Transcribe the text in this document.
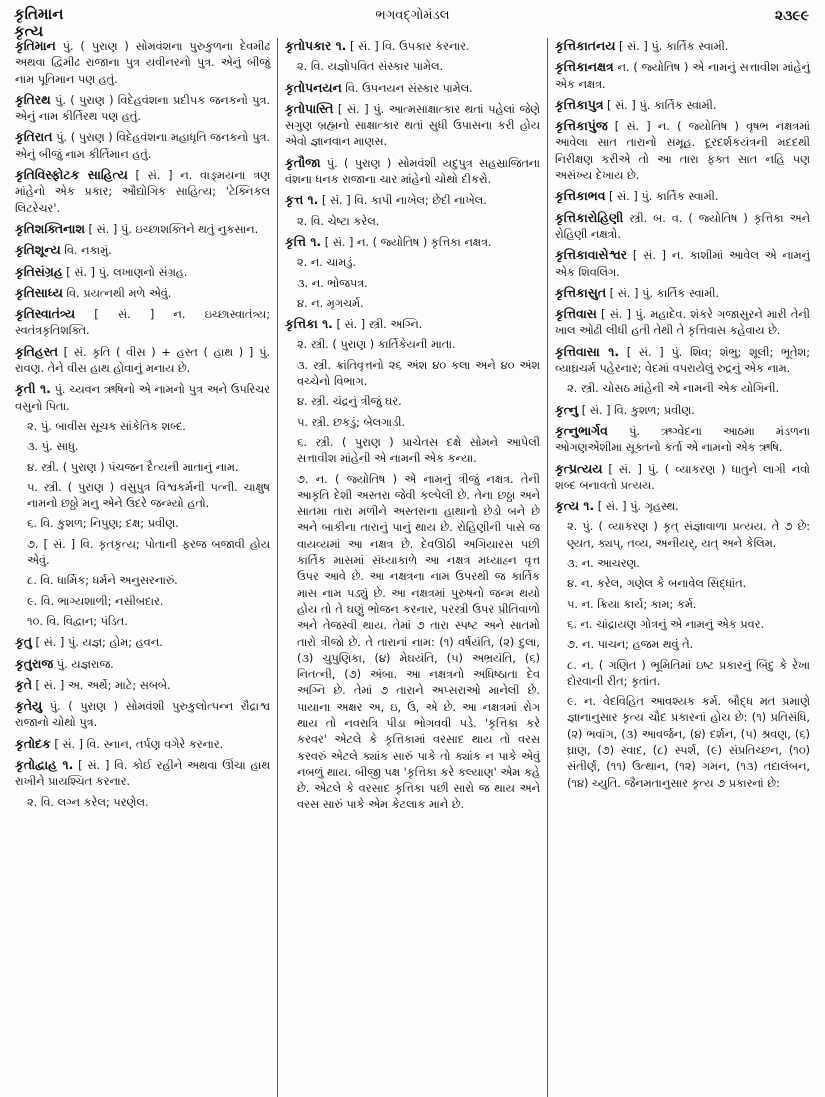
કૃતિમાન
કૃત્ય
ભગવદ્ગોમંડલ	૨૩૯૯
કૃતિમાન પું. ( પુરાણ ) સોમવંશના પુરુકુળના દેવમીઢ અથવા દ્વિમીઢ રાજાના પુત્ર યવીનરનો પુત્ર. એનું બીજું નામ પૂતિમાન પણ હતું.
કૃતિરથ પું. ( પુરાણ ) વિદેહવંશના પ્રદીપક જનકનો પુત્ર. એનું નામ કીર્તિરથ પણ હતું.
કૃતિરાત પું. ( પુરાણ ) વિદેહવંશના મહાધૃતિ જનકનો પુત્ર. એનું બીજું નામ કીર્તિમાન હતું.
કૃતિવિસ્ફોટક સાહિત્ય [ સં. ] ન. વાઙ્મયના ત્રણ માંહેનો એક પ્રકાર; ઔદ્યોગિક સાહિત્ય; 'ટેક્નિકલ લિટરેચર'.
કૃતિશક્તિનાશ [ સં. ] પું. ઇચ્છાશક્તિને થતું નુકસાન.
કૃતિશૂન્ય વિ. નકામું.
કૃતિસંગ્રહ [ સં. ] પું. લખાણનો સંગ્રહ.
કૃતિસાધ્ય વિ. પ્રયત્નથી મળે એવું.
કૃતિસ્વાતંત્ર્ય [ સં. ] ન. ઇચ્છાસ્વાતંત્ર્ય; સ્વતંત્રકૃતિશક્તિ.
કૃતિહસ્ત [ સં. કૃતિ ( વીસ ) + હસ્ત ( હાથ ) ] પું. રાવણ. તેને વીસ હાથ હોવાનું મનાય છે.
કૃતી ૧. પું. ચ્યવન ઋષિનો એ નામનો પુત્ર અને ઉપરિચર વસુનો પિતા.
૨. પું. બાવીસ સૂચક સાંકેતિક શબ્દ.
૩. પું. સાધુ.
૪. સ્ત્રી. ( પુરાણ ) પંચજન દૈત્યની માતાનું નામ.
૫. સ્ત્રી. ( પુરાણ ) વસુપુત્ર વિશ્વકર્મની પત્ની. ચાક્ષુષ નામનો છઠ્ઠો મનુ એને ઉદરે જન્મ્યો હતો.
૬. વિ. કુશળ; નિપુણ; દક્ષ; પ્રવીણ.
૭. [ સં. ] વિ. કૃતકૃત્ય; પોતાની ફરજ બજાવી હોય એવું.
૮. વિ. ધાર્મિક; ધર્મને અનુસરનારું.
૯. વિ. ભાગ્યશાળી; નસીબદાર.
૧૦. વિ. વિદ્વાન; પંડિત.
કૃતુ [ સં. ] પું. યજ્ઞ; હોમ; હવન.
કૃતુરાજ પું. યજ્ઞરાજ.
કૃતે [ સં. ] અ. અર્થે; માટે; સબબે.
કૃતેયુ પું. ( પુરાણ ) સોમવંશી પુરુકુલોત્પન્ન રૌદ્રાશ્વ રાજાનો ચોથો પુત્ર.
કૃતોદક [ સં. ] વિ. સ્નાન, તર્પણ વગેરે કરનાર.
કૃતોદ્વાહ ૧. [ સં. ] વિ. કોઈ રહીને અથવા ઊંચા હાથ રાખીને પ્રાયશ્ચિત કરનાર.
૨. વિ. લગ્ન કરેલ; પરણેલ.
કૃતોપકાર ૧. [ સં. ] વિ. ઉપકાર કરનાર.
૨. વિ. યજ્ઞોપવિત સંસ્કાર પામેલ.
કૃતોપનયન વિ. ઉપનયન સંસ્કાર પામેલ.
કૃતોપાસ્તિ [ સં. ] પું. આત્મસાક્ષાત્કાર થતાં પહેલાં જેણે સગુણ બ્રહ્મનો સાક્ષાત્કાર થતાં સુધી ઉપાસના કરી હોય એવો જ્ઞાનવાન માણસ.
કૃતૌજા પું. ( પુરાણ ) સોમવંશી યદુપુત્ર સહસ્રાજિતના વંશના ધનક રાજાના ચાર માંહેનો ચોથો દીકરો.
કૃત્ત ૧. [ સં. ] વિ. કાપી નાખેલ; છેદી નાખેલ.
૨. વિ. ચેષ્ટા કરેલ.
કૃત્તિ ૧. [ સં. ] ન. ( જ્યોતિષ ) કૃત્તિકા નક્ષત્ર.
૨. ન. ચામડું.
૩. ન. ભોજપત્ર.
૪. ન. મૃગચર્મ.
કૃત્તિકા ૧. [ સં. ] સ્ત્રી. અગ્નિ.
૨. સ્ત્રી. ( પુરાણ ) કાર્તિકેયની માતા.
૩. સ્ત્રી. ક્રાંતિવૃત્તનો ૨૬ અંશ ૪૦ કલા અને ૪૦ અંશ વચ્ચેનો વિભાગ.
૪. સ્ત્રી. ચંદ્રનું ત્રીજું ઘર.
૫. સ્ત્રી. છકડું; બેલગાડી.
૬. સ્ત્રી. ( પુરાણ ) પ્રાચેતસ દક્ષે સોમને આપેલી સત્તાવીશ માંહેની એ નામની એક કન્યા.
૭. ન. ( જ્યોતિષ ) એ નામનું ત્રીજું નક્ષત્ર. તેની આકૃતિ દેશી અસ્તરા જેવી કલ્પેલી છે. તેના છઠ્ઠા અને સાતમા તારા મળીને અસ્તરાના હાથાનો છેડો બને છે અને બાકીના તારાનું પાનું થાય છે. રોહિણીની પાસે જ વાયવ્યમાં આ નક્ષત્ર છે. દેવઊઠી અગિયારસ પછી કાર્તિક માસમાં સંધ્યાકાળે આ નક્ષત્ર મધ્યાહ્ન વૃત્ત ઉપર આવે છે. આ નક્ષત્રના નામ ઉપરથી જ કાર્તિક માસ નામ પડ્યું છે. આ નક્ષત્રમાં પુરુષનો જન્મ થયો હોય તો તે ઘણું ભોજન કરનાર, પરસ્ત્રી ઉપર પ્રીતિવાળો અને તેજસ્વી થાય. તેમાં ૭ તારા સ્પષ્ટ અને સાતમો તારો ત્રીજો છે. તે તારાનાં નામ: (૧) વર્ષયંતિ, (૨) દુલા, (૩) ચુપુણિકા, (૪) મેઘયંતિ, (૫) અભ્રયંતિ, (૬) નિતત્ની, (૭) અંબા. આ નક્ષત્રનો અધિષ્ઠાતા દેવ અગ્નિ છે. તેમાં ૭ તારાને અપ્સરાઓ માનેલી છે. પાયાના અક્ષર અ, ઇ, ઉ, એ છે. આ નક્ષત્રમાં રોગ થાય તો નવરાત્રિ પીડા ભોગવવી પડે. 'કૃત્તિકા કરે કરવર' એટલે કે કૃત્તિકામાં વરસાદ થાય તો વરસ કરવરું એટલે ક્યાંક સારું પાકે તો ક્યાંક ન પાકે એવું નબળું થાય. બીજી પક્ષ 'કૃત્તિકા કરે કલ્યાણ' એમ કહે છે. એટલે કે વરસાદ કૃત્તિકા પછી સારો જ થાય અને વરસ સારું પાકે એમ કેટલાક માને છે.
કૃત્તિકાતનય [ સં. ] પું. કાર્તિક સ્વામી.
કૃત્તિકાનક્ષત્ર ન. ( જ્યોતિષ ) એ નામનું સત્તાવીશ માંહેનું એક નક્ષત્ર.
કૃત્તિકાપુત્ર [ સં. ] પું. કાર્તિક સ્વામી.
કૃત્તિકાપુંજ [ સં. ] ન. ( જ્યોતિષ ) વૃષભ નક્ષત્રમાં આવેલા સાત તારાનો સમૂહ. દૂરદર્શકયંત્રની મદદથી નિરીક્ષણ કરીએ તો આ તારા ફક્ત સાત નહિ પણ અસંખ્ય દેખાય છે.
કૃત્તિકાભવ [ સં. ] પું. કાર્તિક સ્વામી.
કૃત્તિકારોહિણી સ્ત્રી. બ. વ. ( જ્યોતિષ ) કૃત્તિકા અને રોહિણી નક્ષત્રો.
કૃત્તિકાવાસેશ્વર [ સં. ] ન. કાશીમાં આવેલ એ નામનું એક શિવલિંગ.
કૃત્તિકાસુત [ સં. ] પું. કાર્તિક સ્વામી.
કૃત્તિવાસ [ સં. ] પું. મહાદેવ. શંકરે ગજાસુરને મારી તેની ખાલ ઓઢી લીધી હતી તેથી તે કૃત્તિવાસ કહેવાય છે.
કૃત્તિવાસા ૧. [ સં. ] પું. શિવ; શંભુ; શૂલી; ભૂતેશ; વ્યાઘ્રચર્મ પહેરનાર; વેદમાં વપરાયેલું રુદ્રનું એક નામ.
૨. સ્ત્રી. ચોસઠ માંહેની એ નામની એક યોગિની.
કૃત્નુ [ સં. ] વિ. કુશળ; પ્રવીણ.
કૃત્નુભાર્ગવ પું. ઋગ્વેદના આઠમા મંડળના ઓગણએંશીમા સૂક્તનો કર્તા એ નામનો એક ઋષિ.
કૃત્પ્રત્યય [ સં. ] પું. ( વ્યાકરણ ) ધાતુને લાગી નવો શબ્દ બનાવતો પ્રત્યય.
કૃત્ય ૧. [ સં. ] પું. ગૃહસ્થ.
૨. પું. ( વ્યાકરણ ) કૃત્ સંજ્ઞાવાળા પ્રત્યય. તે ૭ છે: ણ્યત, ક્યપ્, તવ્ય, અનીયર્, યત્ અને કેલિમ.
૩. ન. આચરણ.
૪. ન. કરેલ, ગણેલ કે બનાવેલ સિદ્ધાંત.
૫. ન. ક્રિયા કાર્ય; કામ; કર્મ.
૬. ન. ચાંદ્રાયણ ગોત્રનું એ નામનું એક પ્રવર.
૭. ન. પાચન; હજમ થવું તે.
૮. ન. ( ગણિત ) ભૂમિતિમાં ઇષ્ટ પ્રકારનું બિંદુ કે રેખા દોરવાની રીત; કૃતાંત.
૯. ન. વેદવિહિત આવશ્યક કર્મ. બૌદ્ધ મત પ્રમાણે જ્ઞાનાનુસાર કૃત્ય ચૌદ પ્રકારનાં હોય છે: (૧) પ્રતિસંધિ, (૨) ભવાંગ, (૩) આવર્જન, (૪) દર્શન, (૫) શ્રવણ, (૬) ઘ્રાણ, (૭) સ્વાદ, (૮) સ્પર્શ, (૯) સંપ્રતિચ્છન, (૧૦) સંતીર્ણ, (૧૧) ઉત્થાન, (૧૨) ગમન, (૧૩) તદાલંબન, (૧૪) ચ્યુતિ. જૈનમતાનુસાર કૃત્ય ૭ પ્રકારનાં છે:
